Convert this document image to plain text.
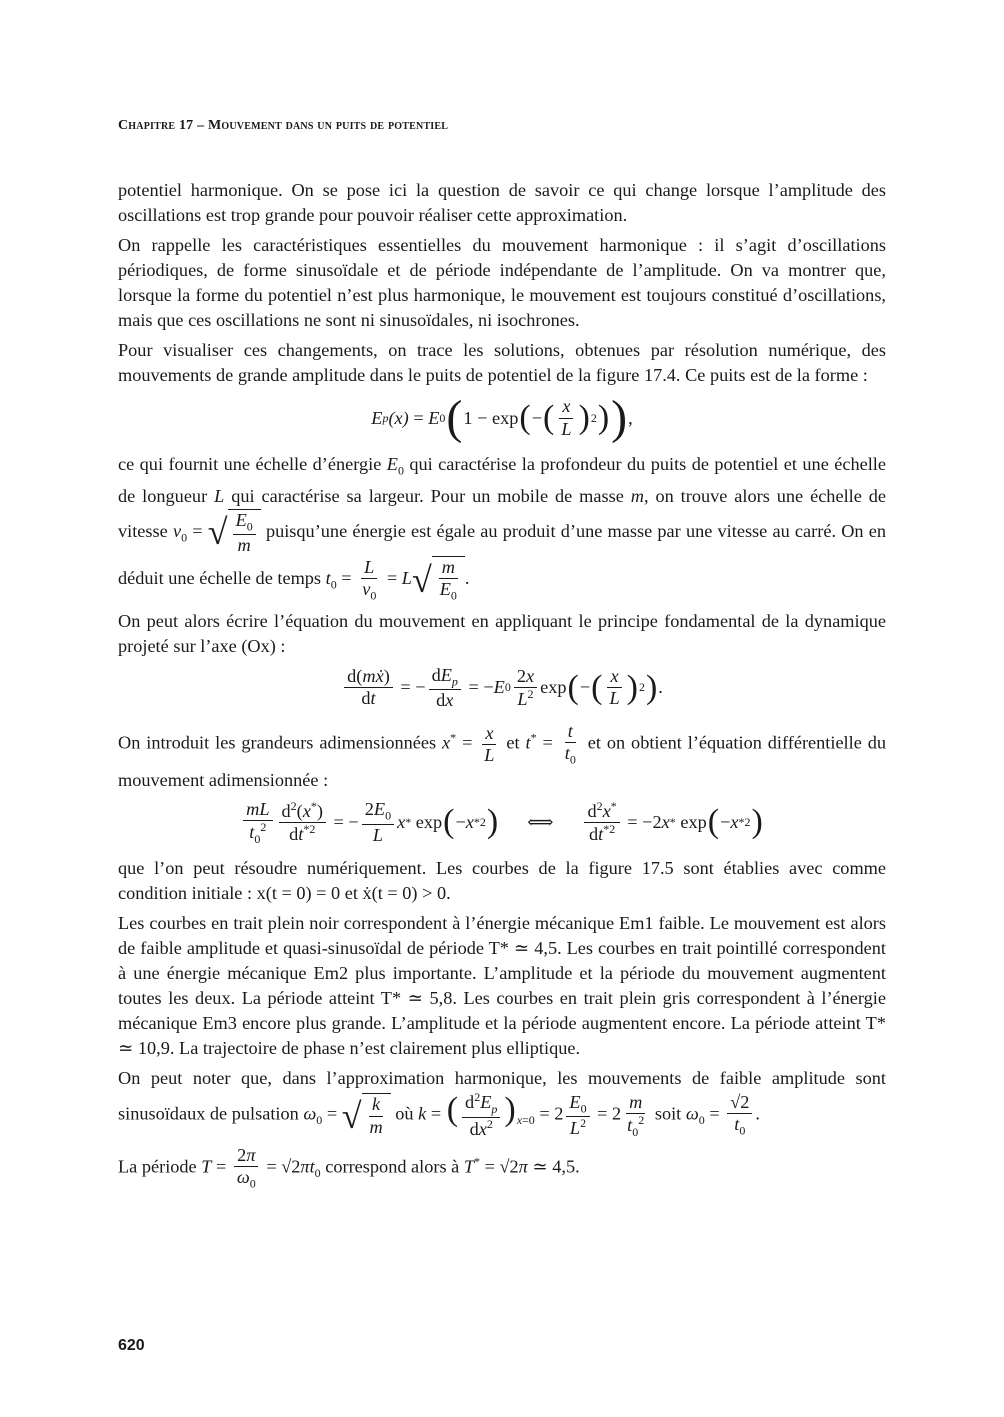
Chapitre 17 – Mouvement dans un puits de potentiel

potentiel harmonique. On se pose ici la question de savoir ce qui change lorsque l’amplitude des oscillations est trop grande pour pouvoir réaliser cette approximation.

On rappelle les caractéristiques essentielles du mouvement harmonique : il s’agit d’oscillations périodiques, de forme sinusoïdale et de période indépendante de l’amplitude. On va montrer que, lorsque la forme du potentiel n’est plus harmonique, le mouvement est toujours constitué d’oscillations, mais que ces oscillations ne sont ni sinusoïdales, ni isochrones.

Pour visualiser ces changements, on trace les solutions, obtenues par résolution numérique, des mouvements de grande amplitude dans le puits de potentiel de la figure 17.4. Ce puits est de la forme :

E p (x) = E 0 ( 1 − exp ( − ( $\frac{x}{L}$ ) 2 ) ) ,

ce qui fournit une échelle d’énergie $E_0$ qui caractérise la profondeur du puits de potentiel et une échelle de longueur L qui caractérise sa largeur. Pour un mobile de masse m, on trouve alors une échelle de vitesse $v_0$ = √ $\frac{E_0}{m}$ puisqu’une énergie est égale au produit d’une masse par une vitesse au carré. On en déduit une échelle de temps $t_0 = \frac{L}{v_0} = L$ √ $\frac{m}{E_0}$ .

On peut alors écrire l’équation du mouvement en appliquant le principe fondamental de la dynamique projeté sur l’axe (Ox) :

$\frac{\text{d(mẋ)}}{dt}$ = − $\frac{dE_p}{dx}$ = − E $0 \frac{2x}{L^2}$ exp ( − ( $\frac{x}{L}$ ) 2 ) .

On introduit les grandeurs adimensionnées $x^* = \frac{x}{L}$ et $t^* = \frac{t}{t_0}$ et on obtient l’équation différentielle du mouvement adimensionnée :

$\frac{mL}{t_0^2} \frac{d^2(x^*)}{dt^{*2}}$ = − $\frac{2E_0}{L}$ x * exp ( − x *2 ) ⟺ $\frac{d^2x^*}{dt^{*2}} = -2$ x * exp ( − x *2 )

que l’on peut résoudre numériquement. Les courbes de la figure 17.5 sont établies avec comme condition initiale : x(t = 0) = 0 et ẋ(t = 0) > 0.

Les courbes en trait plein noir correspondent à l’énergie mécanique Em1 faible. Le mouvement est alors de faible amplitude et quasi-sinusoïdal de période T* ≃ 4,5. Les courbes en trait pointillé correspondent à une énergie mécanique Em2 plus importante. L’amplitude et la période du mouvement augmentent toutes les deux. La période atteint T* ≃ 5,8. Les courbes en trait plein gris correspondent à l’énergie mécanique Em3 encore plus grande. L’amplitude et la période augmentent encore. La période atteint T* ≃ 10,9. La trajectoire de phase n’est clairement plus elliptique.

On peut noter que, dans l’approximation harmonique, les mouvements de faible amplitude sont sinusoïdaux de pulsation $\omega_0$ = √ $\frac{k}{m}$ où k = ( $\frac{d^2E_p}{dx^2} )_{x=0} = 2 \frac{E_0}{L^2} = 2 \frac{m}{t_0^2}$ soit $\omega_0 = \frac{√2}{t_0}$ .

La période $T = \frac{2\pi}{\omega_0} = √2\pi t_0$ correspond alors à T* = √2π ≃ 4,5.

620
